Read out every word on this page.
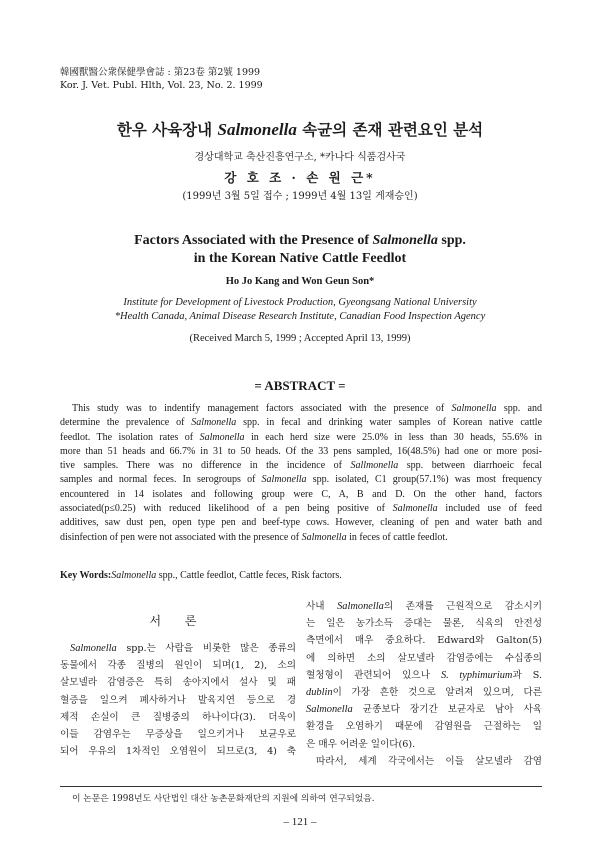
韓國獸醫公衆保健學會誌 : 第23卷 第2號 1999
Kor. J. Vet. Publ. Hlth, Vol. 23, No. 2. 1999
한우 사육장내 Salmonella 속균의 존재 관련요인 분석
경상대학교 축산진흥연구소, *카나다 식품검사국
강 호 조 · 손 원 근*
(1999년 3월 5일 접수 ; 1999년 4월 13일 게재승인)
Factors Associated with the Presence of Salmonella spp.
in the Korean Native Cattle Feedlot
Ho Jo Kang and Won Geun Son*
Institute for Development of Livestock Production, Gyeongsang National University
*Health Canada, Animal Disease Research Institute, Canadian Food Inspection Agency
(Received March 5, 1999 ; Accepted April 13, 1999)
= ABSTRACT =
This study was to indentify management factors associated with the presence of Salmonella spp. and
determine the prevalence of Salmonella spp. in fecal and drinking water samples of Korean native cattle
feedlot. The isolation rates of Salmonella in each herd size were 25.0% in less than 30 heads, 55.6% in
more than 51 heads and 66.7% in 31 to 50 heads. Of the 33 pens sampled, 16(48.5%) had one or more posi-
tive samples. There was no difference in the incidence of Sallmonella spp. between diarrhoeic fecal
samples and normal feces. In serogroups of Salmonella spp. isolated, C1 group(57.1%) was most frequency
encountered in 14 isolates and following group were C, A, B and D. On the other hand, factors
associated(p≤0.25) with reduced likelihood of a pen being positive of Salmonella included use of feed
additives, saw dust pen, open type pen and beef-type cows. However, cleaning of pen and water bath and
disinfection of pen were not associated with the presence of Salmonella in feces of cattle feedlot.
Key Words:Salmonella spp., Cattle feedlot, Cattle feces, Risk factors.
서 론
Salmonella spp.는 사람을 비롯한 많은 종류의
동물에서 각종 질병의 원인이 되며(1, 2), 소의
살모넬라 감염증은 특히 송아지에서 설사 및 패
혈증을 일으켜 폐사하거나 발육지연 등으로 경
제적 손실이 큰 질병중의 하나이다(3). 더욱이
이들 감염우는 무증상을 일으키거나 보균우로
되어 우유의 1차적인 오염원이 되므로(3, 4) 축
사내 Salmonella의 존재를 근원적으로 감소시키
는 일은 농가소득 증대는 물론, 식육의 안전성
측면에서 매우 중요하다. Edward와 Galton(5)
에 의하면 소의 살모넬라 감염증에는 수십종의
혈청형이 관련되어 있으나 S. typhimurium과 S.
dublin이 가장 흔한 것으로 알려져 있으며, 다른
Salmonella 균종보다 장기간 보균자로 남아 사육
환경을 오염하기 때문에 감염원을 근절하는 일
은 매우 어려운 일이다(6).
따라서, 세계 각국에서는 이들 살모넬라 감염
이 논문은 1998년도 사단법인 대산 농촌문화재단의 지원에 의하여 연구되었음.
– 121 –
